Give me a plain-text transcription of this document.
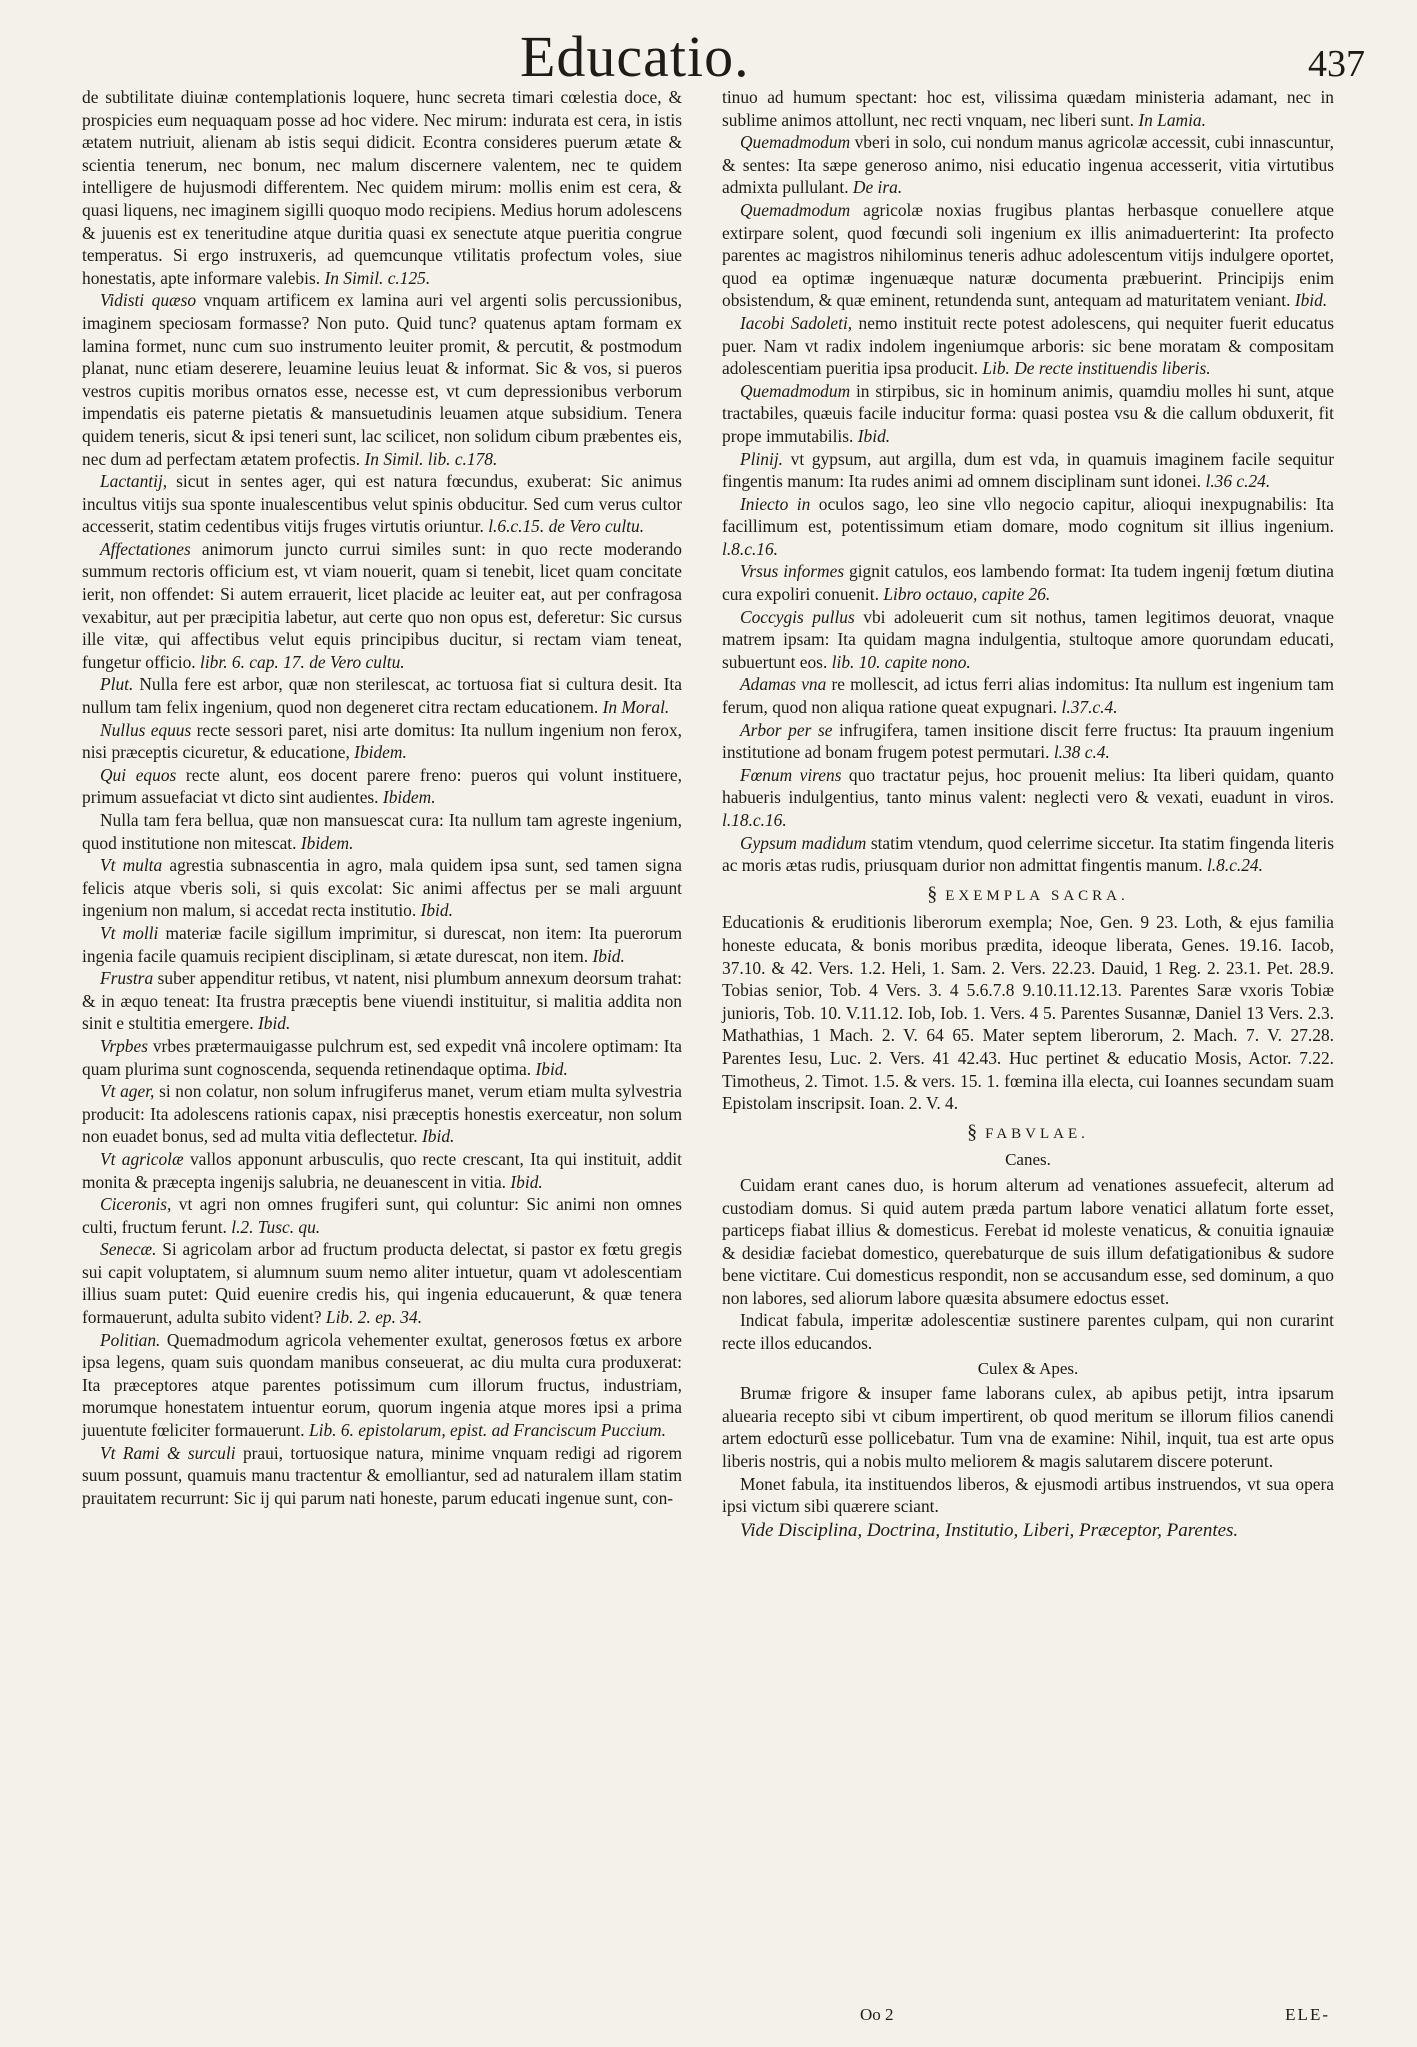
Educatio.	437

de subtilitate diuinæ contemplationis loquere, hunc secreta timari cœlestia doce, & prospicies eum nequaquam posse ad hoc videre. Nec mirum: indurata est cera, in istis ætatem nutriuit, alienam ab istis sequi didicit. Econtra consideres puerum ætate & scientia tenerum, nec bonum, nec malum discernere valentem, nec te quidem intelligere de hujusmodi differentem. Nec quidem mirum: mollis enim est cera, & quasi liquens, nec imaginem sigilli quoquo modo recipiens. Medius horum adolescens & juuenis est ex teneritudine atque duritia quasi ex senectute atque pueritia congrue temperatus. Si ergo instruxeris, ad quemcunque vtilitatis profectum voles, siue honestatis, apte informare valebis. In Simil. c.125.

Vidisti quæso vnquam artificem ex lamina auri vel argenti solis percussionibus, imaginem speciosam formasse? Non puto. Quid tunc? quatenus aptam formam ex lamina formet, nunc cum suo instrumento leuiter promit, & percutit, & postmodum planat, nunc etiam deserere, leuamine leuius leuat & informat. Sic & vos, si pueros vestros cupitis moribus ornatos esse, necesse est, vt cum depressionibus verborum impendatis eis paterne pietatis & mansuetudinis leuamen atque subsidium. Tenera quidem teneris, sicut & ipsi teneri sunt, lac scilicet, non solidum cibum præbentes eis, nec dum ad perfectam ætatem profectis. In Simil. lib. c.178.

Lactantij, sicut in sentes ager, qui est natura fœcundus, exuberat: Sic animus incultus vitijs sua sponte inualescentibus velut spinis obducitur. Sed cum verus cultor accesserit, statim cedentibus vitijs fruges virtutis oriuntur. l.6.c.15. de Vero cultu.

Affectationes animorum juncto currui similes sunt: in quo recte moderando summum rectoris officium est, vt viam nouerit, quam si tenebit, licet quam concitate ierit, non offendet: Si autem errauerit, licet placide ac leuiter eat, aut per confragosa vexabitur, aut per præcipitia labetur, aut certe quo non opus est, deferetur: Sic cursus ille vitæ, qui affectibus velut equis principibus ducitur, si rectam viam teneat, fungetur officio. libr. 6. cap. 17. de Vero cultu.

Plut. Nulla fere est arbor, quæ non sterilescat, ac tortuosa fiat si cultura desit. Ita nullum tam felix ingenium, quod non degeneret citra rectam educationem. In Moral.

Nullus equus recte sessori paret, nisi arte domitus: Ita nullum ingenium non ferox, nisi præceptis cicuretur, & educatione, Ibidem.

Qui equos recte alunt, eos docent parere freno: pueros qui volunt instituere, primum assuefaciat vt dicto sint audientes. Ibidem.

Nulla tam fera bellua, quæ non mansuescat cura: Ita nullum tam agreste ingenium, quod institutione non mitescat. Ibidem.

Vt multa agrestia subnascentia in agro, mala quidem ipsa sunt, sed tamen signa felicis atque vberis soli, si quis excolat: Sic animi affectus per se mali arguunt ingenium non malum, si accedat recta institutio. Ibid.

Vt molli materiæ facile sigillum imprimitur, si durescat, non item: Ita puerorum ingenia facile quamuis recipient disciplinam, si ætate durescat, non item. Ibid.

Frustra suber appenditur retibus, vt natent, nisi plumbum annexum deorsum trahat: & in æquo teneat: Ita frustra præceptis bene viuendi instituitur, si malitia addita non sinit e stultitia emergere. Ibid.

Vrpbes vrbes prætermauigasse pulchrum est, sed expedit vnâ incolere optimam: Ita quam plurima sunt cognoscenda, sequenda retinendaque optima. Ibid.

Vt ager, si non colatur, non solum infrugiferus manet, verum etiam multa sylvestria producit: Ita adolescens rationis capax, nisi præceptis honestis exerceatur, non solum non euadet bonus, sed ad multa vitia deflectetur. Ibid.

Vt agricolæ vallos apponunt arbusculis, quo recte crescant, Ita qui instituit, addit monita & præcepta ingenijs salubria, ne deuanescent in vitia. Ibid.

Ciceronis, vt agri non omnes frugiferi sunt, qui coluntur: Sic animi non omnes culti, fructum ferunt. l.2. Tusc. qu.

Senecæ. Si agricolam arbor ad fructum producta delectat, si pastor ex fœtu gregis sui capit voluptatem, si alumnum suum nemo aliter intuetur, quam vt adolescentiam illius suam putet: Quid euenire credis his, qui ingenia educauerunt, & quæ tenera formauerunt, adulta subito vident? Lib. 2. ep. 34.

Politian. Quemadmodum agricola vehementer exultat, generosos fœtus ex arbore ipsa legens, quam suis quondam manibus conseuerat, ac diu multa cura produxerat: Ita præceptores atque parentes potissimum cum illorum fructus, industriam, morumque honestatem intuentur eorum, quorum ingenia atque mores ipsi a prima juuentute fœliciter formauerunt. Lib. 6. epistolarum, epist. ad Franciscum Puccium.

Vt Rami & surculi praui, tortuosique natura, minime vnquam redigi ad rigorem suum possunt, quamuis manu tractentur & emolliantur, sed ad naturalem illam statim prauitatem recurrunt: Sic ij qui parum nati honeste, parum educati ingenue sunt, con-

tinuo ad humum spectant: hoc est, vilissima quædam ministeria adamant, nec in sublime animos attollunt, nec recti vnquam, nec liberi sunt. In Lamia.

Quemadmodum vberi in solo, cui nondum manus agricolæ accessit, cubi innascuntur, & sentes: Ita sæpe generoso animo, nisi educatio ingenua accesserit, vitia virtutibus admixta pullulant. De ira.

Quemadmodum agricolæ noxias frugibus plantas herbasque conuellere atque extirpare solent, quod fœcundi soli ingenium ex illis animaduerterint: Ita profecto parentes ac magistros nihilominus teneris adhuc adolescentum vitijs indulgere oportet, quod ea optimæ ingenuæque naturæ documenta præbuerint. Principijs enim obsistendum, & quæ eminent, retundenda sunt, antequam ad maturitatem veniant. Ibid.

Iacobi Sadoleti, nemo instituit recte potest adolescens, qui nequiter fuerit educatus puer. Nam vt radix indolem ingeniumque arboris: sic bene moratam & compositam adolescentiam pueritia ipsa producit. Lib. De recte instituendis liberis.

Quemadmodum in stirpibus, sic in hominum animis, quamdiu molles hi sunt, atque tractabiles, quæuis facile inducitur forma: quasi postea vsu & die callum obduxerit, fit prope immutabilis. Ibid.

Plinij. vt gypsum, aut argilla, dum est vda, in quamuis imaginem facile sequitur fingentis manum: Ita rudes animi ad omnem disciplinam sunt idonei. l.36 c.24.

Iniecto in oculos sago, leo sine vllo negocio capitur, alioqui inexpugnabilis: Ita facillimum est, potentissimum etiam domare, modo cognitum sit illius ingenium. l.8.c.16.

Vrsus informes gignit catulos, eos lambendo format: Ita tudem ingenij fœtum diutina cura expoliri conuenit. Libro octauo, capite 26.

Coccygis pullus vbi adoleuerit cum sit nothus, tamen legitimos deuorat, vnaque matrem ipsam: Ita quidam magna indulgentia, stultoque amore quorundam educati, subuertunt eos. lib. 10. capite nono.

Adamas vna re mollescit, ad ictus ferri alias indomitus: Ita nullum est ingenium tam ferum, quod non aliqua ratione queat expugnari. l.37.c.4.

Arbor per se infrugifera, tamen insitione discit ferre fructus: Ita prauum ingenium institutione ad bonam frugem potest permutari. l.38 c.4.

Fœnum virens quo tractatur pejus, hoc prouenit melius: Ita liberi quidam, quanto habueris indulgentius, tanto minus valent: neglecti vero & vexati, euadunt in viros. l.18.c.16.

Gypsum madidum statim vtendum, quod celerrime siccetur. Ita statim fingenda literis ac moris ætas rudis, priusquam durior non admittat fingentis manum. l.8.c.24.

§ EXEMPLA SACRA.

Educationis & eruditionis liberorum exempla; Noe, Gen. 9 23. Loth, & ejus familia honeste educata, & bonis moribus prædita, ideoque liberata, Genes. 19.16. Iacob, 37.10. & 42. Vers. 1.2. Heli, 1. Sam. 2. Vers. 22.23. Dauid, 1 Reg. 2. 23.1. Pet. 28.9. Tobias senior, Tob. 4 Vers. 3. 4 5.6.7.8 9.10.11.12.13. Parentes Saræ vxoris Tobiæ junioris, Tob. 10. V.11.12. Iob, Iob. 1. Vers. 4 5. Parentes Susannæ, Daniel 13 Vers. 2.3. Mathathias, 1 Mach. 2. V. 64 65. Mater septem liberorum, 2. Mach. 7. V. 27.28. Parentes Iesu, Luc. 2. Vers. 41 42.43. Huc pertinet & educatio Mosis, Actor. 7.22. Timotheus, 2. Timot. 1.5. & vers. 15. 1. fœmina illa electa, cui Ioannes secundam suam Epistolam inscripsit. Ioan. 2. V. 4.

§ FABVLAE.
Canes.

Cuidam erant canes duo, is horum alterum ad venationes assuefecit, alterum ad custodiam domus. Si quid autem præda partum labore venatici allatum forte esset, particeps fiabat illius & domesticus. Ferebat id moleste venaticus, & conuitia ignauiæ & desidiæ faciebat domestico, querebaturque de suis illum defatigationibus & sudore bene victitare. Cui domesticus respondit, non se accusandum esse, sed dominum, a quo non labores, sed aliorum labore quæsita absumere edoctus esset.

Indicat fabula, imperitæ adolescentiæ sustinere parentes culpam, qui non curarint recte illos educandos.

Culex & Apes.

Brumæ frigore & insuper fame laborans culex, ab apibus petijt, intra ipsarum aluearia recepto sibi vt cibum impertirent, ob quod meritum se illorum filios canendi artem edocturũ esse pollicebatur. Tum vna de examine: Nihil, inquit, tua est arte opus liberis nostris, qui a nobis multo meliorem & magis salutarem discere poterunt.

Monet fabula, ita instituendos liberos, & ejusmodi artibus instruendos, vt sua opera ipsi victum sibi quærere sciant.

Vide Disciplina, Doctrina, Institutio, Liberi, Præceptor, Parentes.

Oo 2	ELE-
